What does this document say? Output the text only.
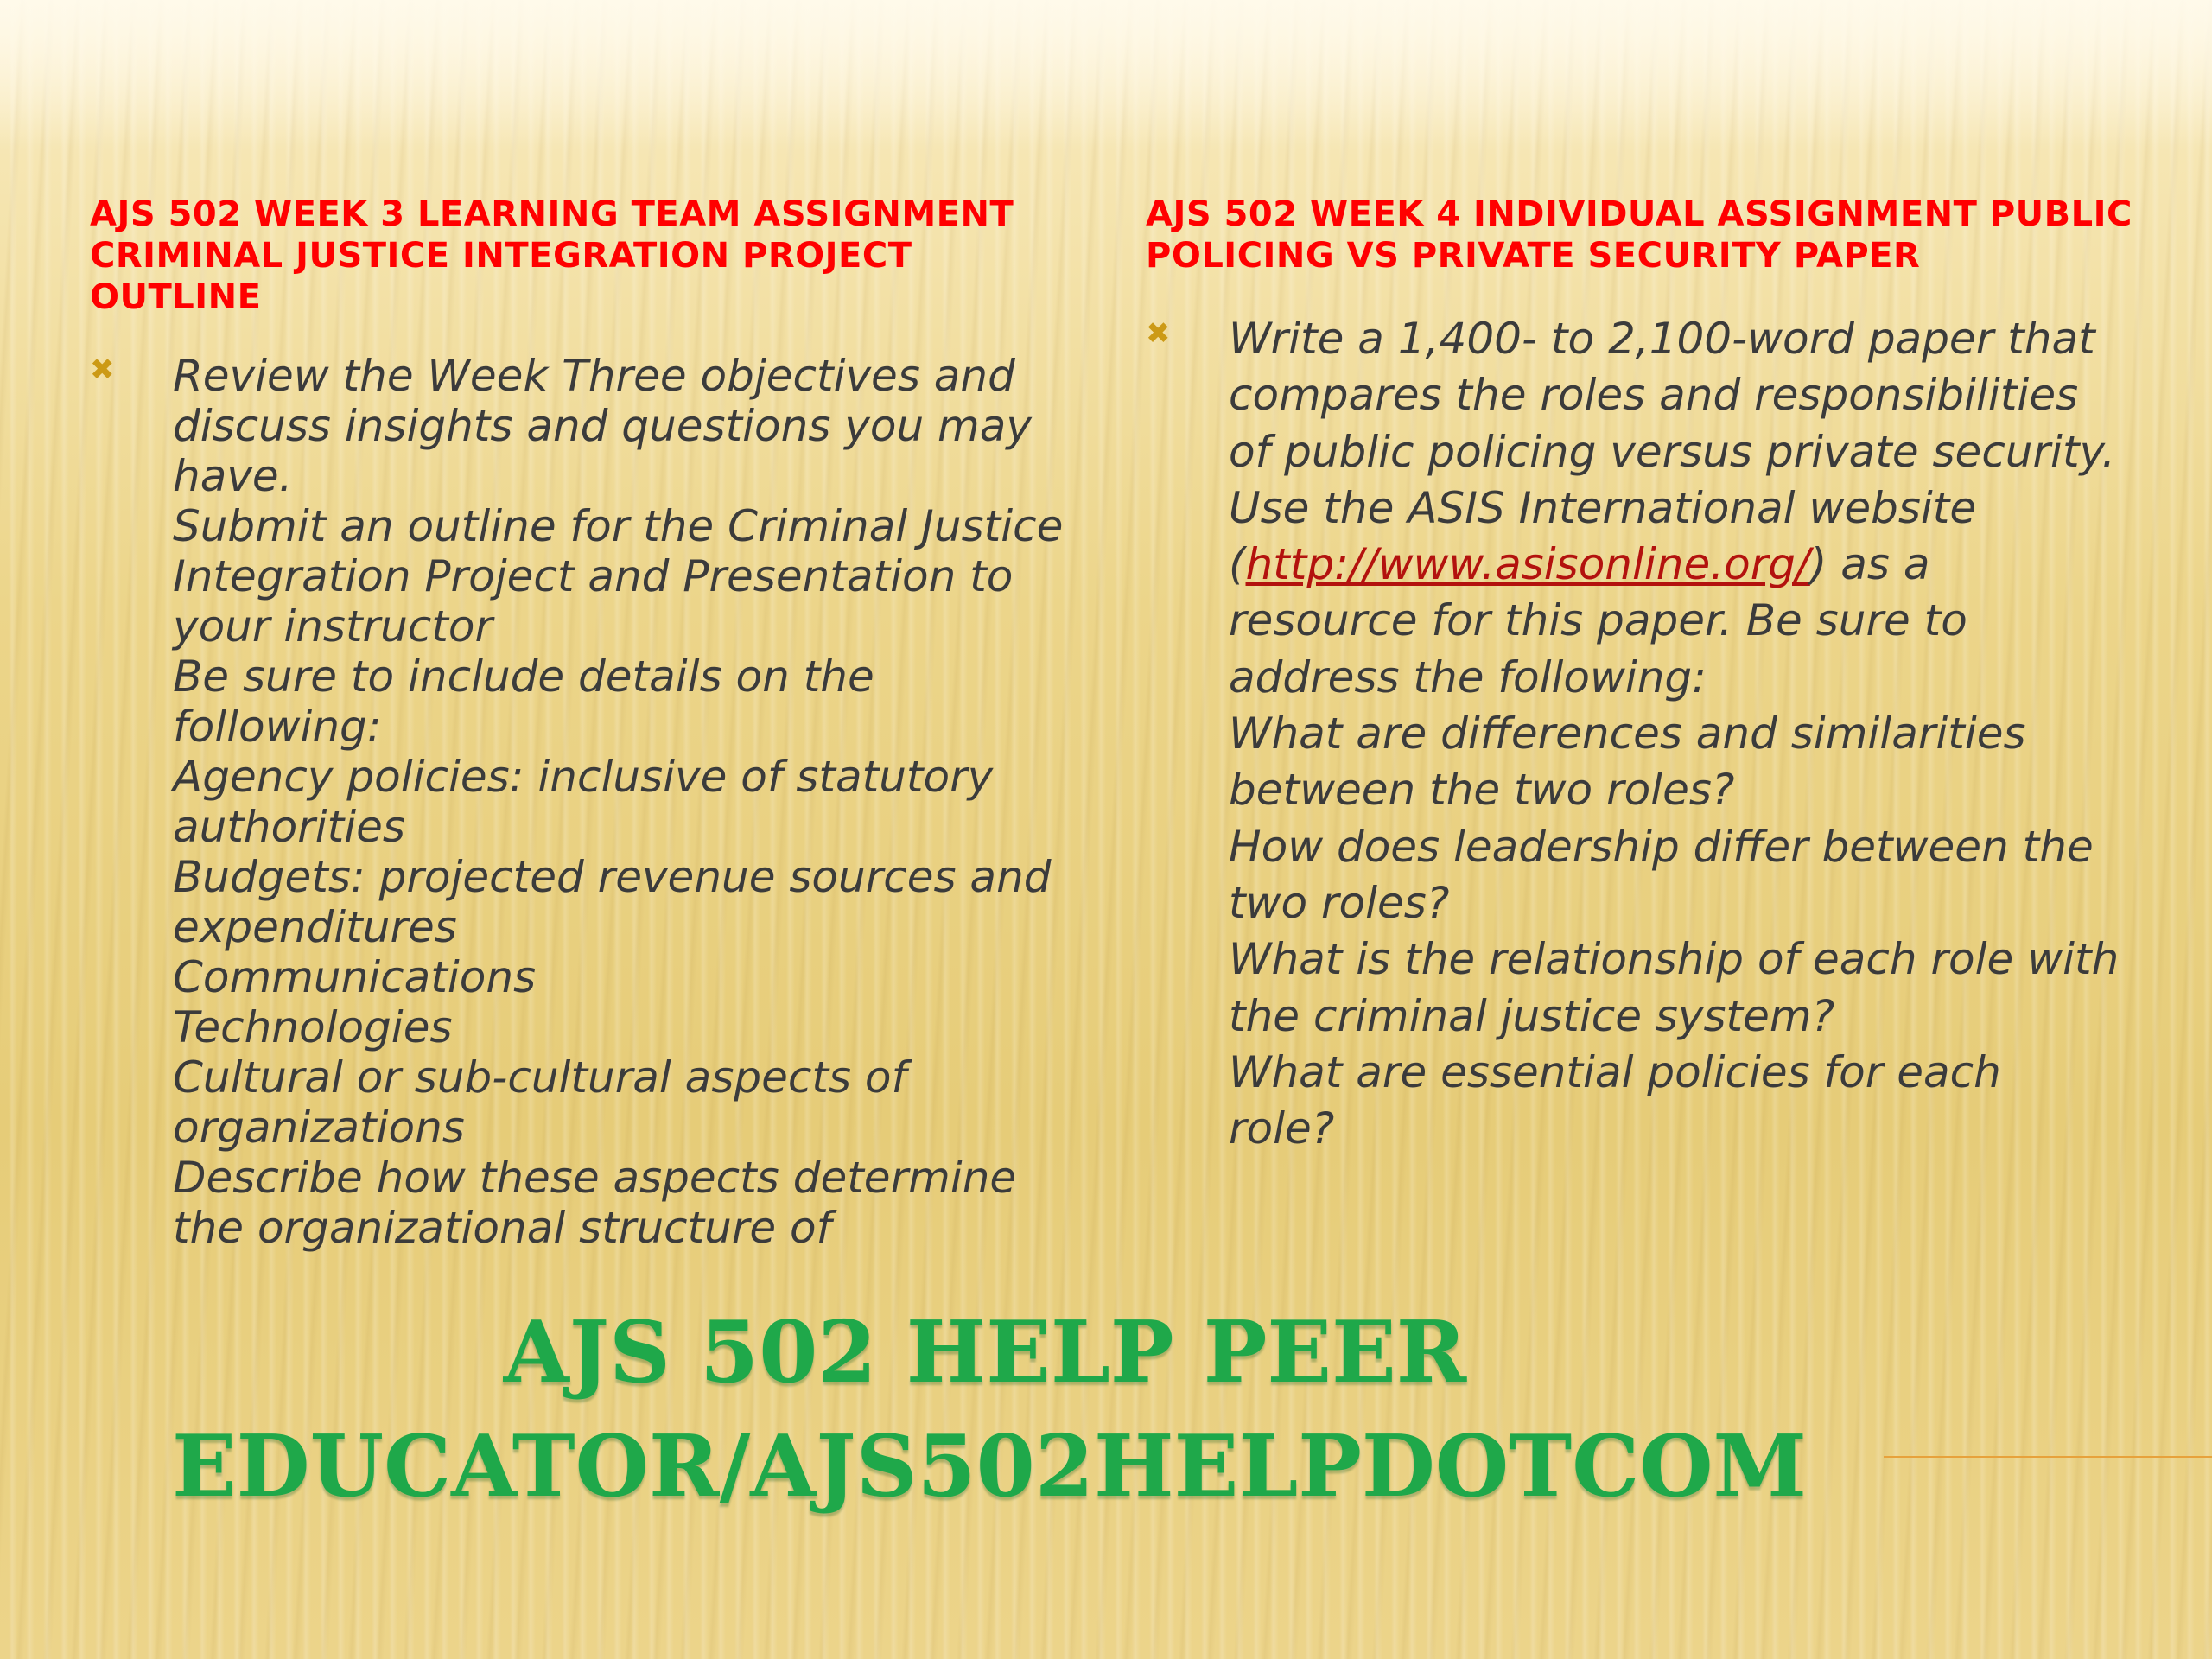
AJS 502 WEEK 3 LEARNING TEAM ASSIGNMENT
CRIMINAL JUSTICE INTEGRATION PROJECT OUTLINE
✖ Review the Week Three objectives and
discuss insights and questions you may
have.
Submit an outline for the Criminal Justice
Integration Project and Presentation to
your instructor
Be sure to include details on the
following:
Agency policies: inclusive of statutory
authorities
Budgets: projected revenue sources and
expenditures
Communications
Technologies
Cultural or sub-cultural aspects of
organizations
Describe how these aspects determine
the organizational structure of
AJS 502 WEEK 4 INDIVIDUAL ASSIGNMENT PUBLIC
POLICING VS PRIVATE SECURITY PAPER
✖ Write a 1,400- to 2,100-word paper that
compares the roles and responsibilities
of public policing versus private security.
Use the ASIS International website
(http://www.asisonline.org/) as a
resource for this paper. Be sure to
address the following:
What are differences and similarities
between the two roles?
How does leadership differ between the
two roles?
What is the relationship of each role with
the criminal justice system?
What are essential policies for each
role?
AJS 502 HELP PEER
EDUCATOR/AJS502HELPDOTCOM
